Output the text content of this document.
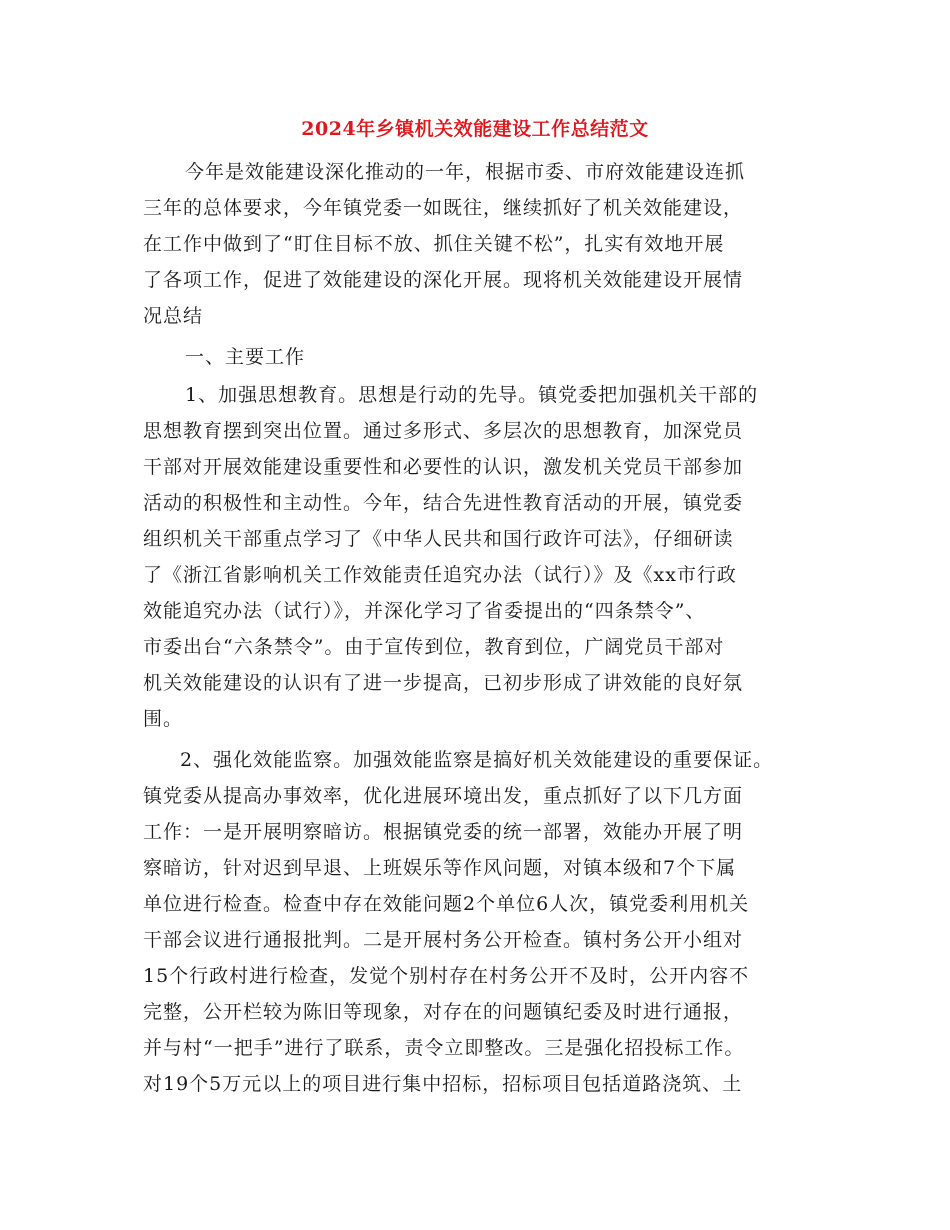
2024年乡镇机关效能建设工作总结范文
今年是效能建设深化推动的一年，根据市委、市府效能建设连抓
三年的总体要求，今年镇党委一如既往，继续抓好了机关效能建设，
在工作中做到了“盯住目标不放、抓住关键不松”，扎实有效地开展
了各项工作，促进了效能建设的深化开展。现将机关效能建设开展情
况总结
一、主要工作
1、加强思想教育。思想是行动的先导。镇党委把加强机关干部的
思想教育摆到突出位置。通过多形式、多层次的思想教育，加深党员
干部对开展效能建设重要性和必要性的认识，激发机关党员干部参加
活动的积极性和主动性。今年，结合先进性教育活动的开展，镇党委
组织机关干部重点学习了《中华人民共和国行政许可法》，仔细研读
了《浙江省影响机关工作效能责任追究办法（试行）》及《xx市行政
效能追究办法（试行）》，并深化学习了省委提出的“四条禁令”、
市委出台“六条禁令”。由于宣传到位，教育到位，广阔党员干部对
机关效能建设的认识有了进一步提高，已初步形成了讲效能的良好氛
围。
2、强化效能监察。加强效能监察是搞好机关效能建设的重要保证。
镇党委从提高办事效率，优化进展环境出发，重点抓好了以下几方面
工作：一是开展明察暗访。根据镇党委的统一部署，效能办开展了明
察暗访，针对迟到早退、上班娱乐等作风问题，对镇本级和7个下属
单位进行检查。检查中存在效能问题2个单位6人次，镇党委利用机关
干部会议进行通报批判。二是开展村务公开检查。镇村务公开小组对
15个行政村进行检查，发觉个别村存在村务公开不及时，公开内容不
完整，公开栏较为陈旧等现象，对存在的问题镇纪委及时进行通报，
并与村“一把手”进行了联系，责令立即整改。三是强化招投标工作。
对19个5万元以上的项目进行集中招标，招标项目包括道路浇筑、土
